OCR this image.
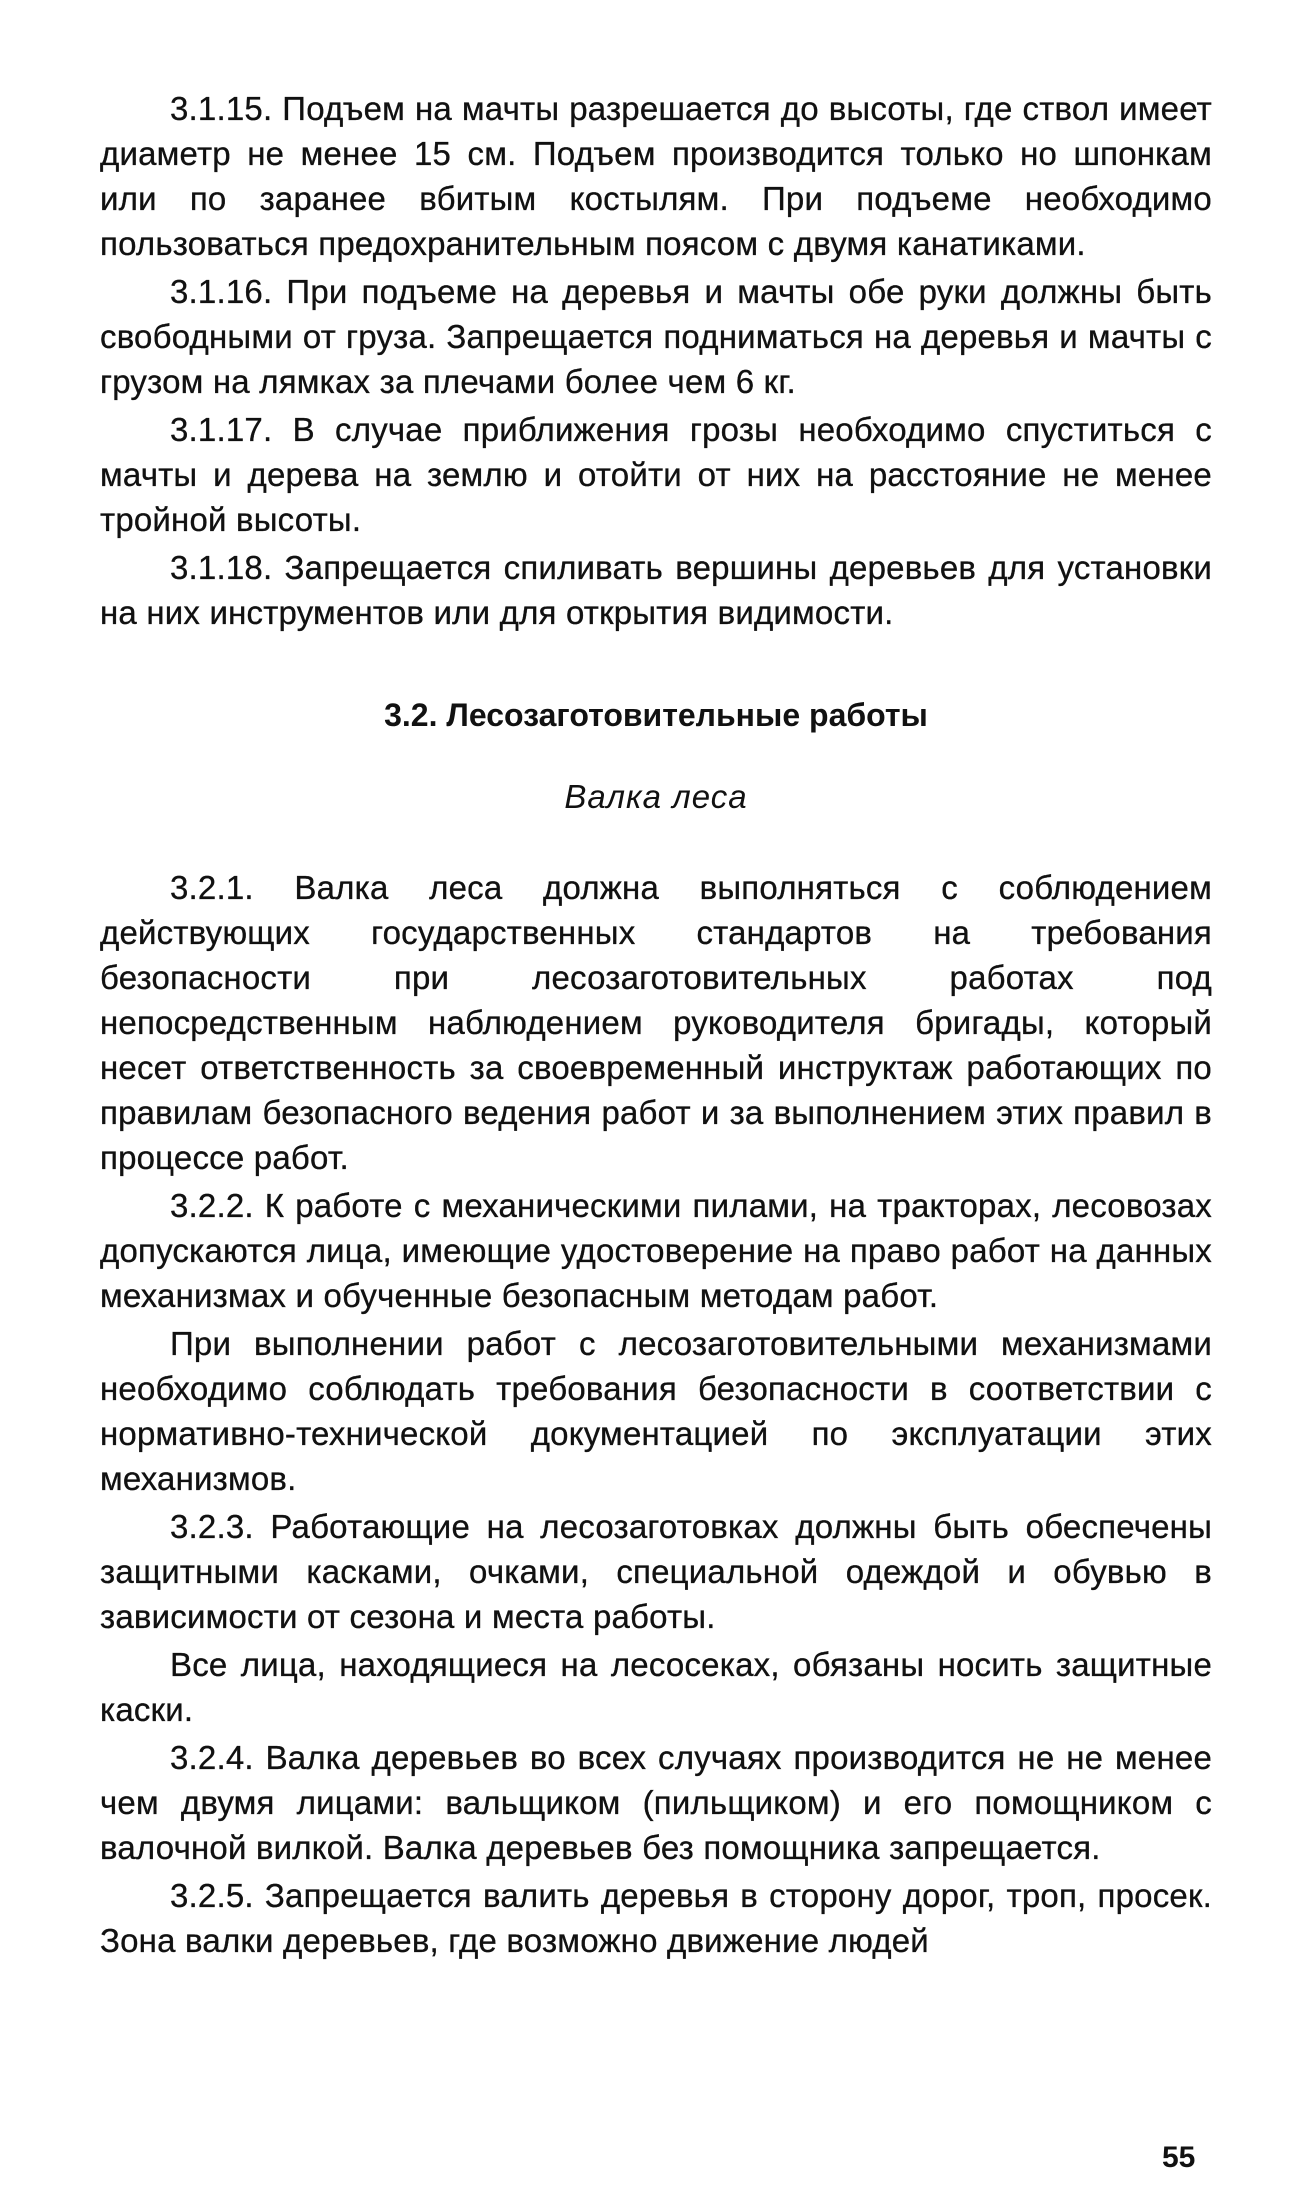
3.1.15. Подъем на мачты разрешается до высоты, где ствол имеет диаметр не менее 15 см. Подъем производится только но шпонкам или по заранее вбитым костылям. При подъеме необходимо пользоваться предохранительным поясом с двумя канатиками.

3.1.16. При подъеме на деревья и мачты обе руки должны быть свободными от груза. Запрещается подниматься на деревья и мачты с грузом на лямках за плечами более чем 6 кг.

3.1.17. В случае приближения грозы необходимо спуститься с мачты и дерева на землю и отойти от них на расстояние не менее тройной высоты.

3.1.18. Запрещается спиливать вершины деревьев для установки на них инструментов или для открытия видимости.

3.2. Лесозаготовительные работы
Валка леса

3.2.1. Валка леса должна выполняться с соблюдением действующих государственных стандартов на требования безопасности при лесозаготовительных работах под непосредственным наблюдением руководителя бригады, который несет ответственность за своевременный инструктаж работающих по правилам безопасного ведения работ и за выполнением этих правил в процессе работ.

3.2.2. К работе с механическими пилами, на тракторах, лесовозах допускаются лица, имеющие удостоверение на право работ на данных механизмах и обученные безопасным методам работ.

При выполнении работ с лесозаготовительными механизмами необходимо соблюдать требования безопасности в соответствии с нормативно-технической документацией по эксплуатации этих механизмов.

3.2.3. Работающие на лесозаготовках должны быть обеспечены защитными касками, очками, специальной одеждой и обувью в зависимости от сезона и места работы.

Все лица, находящиеся на лесосеках, обязаны носить защитные каски.

3.2.4. Валка деревьев во всех случаях производится не не менее чем двумя лицами: вальщиком (пильщиком) и его помощником с валочной вилкой. Валка деревьев без помощника запрещается.

3.2.5. Запрещается валить деревья в сторону дорог, троп, просек. Зона валки деревьев, где возможно движение людей

55
